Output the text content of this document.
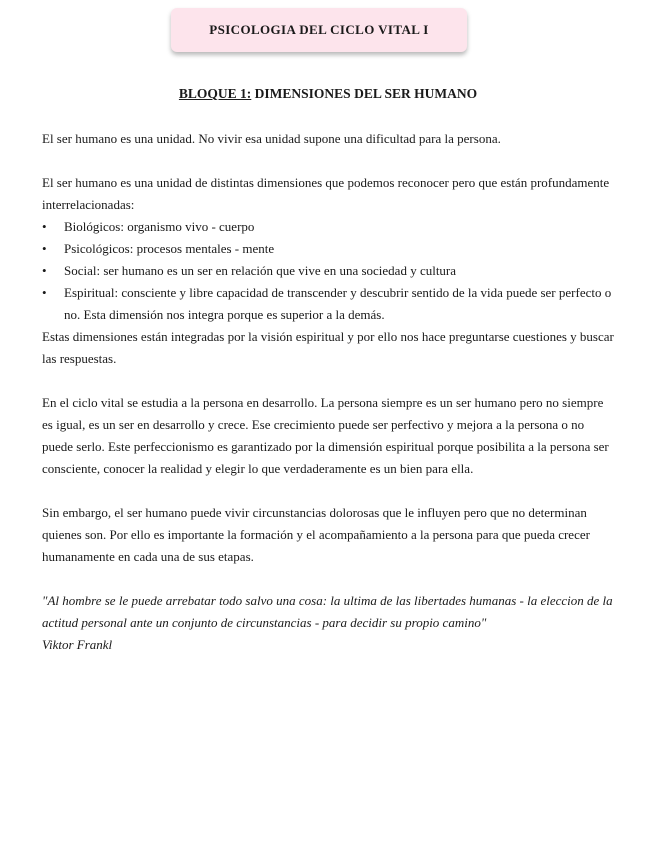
PSICOLOGIA DEL CICLO VITAL I
BLOQUE 1: DIMENSIONES DEL SER HUMANO

El ser humano es una unidad. No vivir esa unidad supone una dificultad para la persona.

El ser humano es una unidad de distintas dimensiones que podemos reconocer pero que están profundamente interrelacionadas:

• Biológicos: organismo vivo - cuerpo
• Psicológicos: procesos mentales - mente
• Social: ser humano es un ser en relación que vive en una sociedad y cultura
• Espiritual: consciente y libre capacidad de transcender y descubrir sentido de la vida puede ser perfecto o no. Esta dimensión nos integra porque es superior a la demás.

Estas dimensiones están integradas por la visión espiritual y por ello nos hace preguntarse cuestiones y buscar las respuestas.

En el ciclo vital se estudia a la persona en desarrollo. La persona siempre es un ser humano pero no siempre es igual, es un ser en desarrollo y crece. Ese crecimiento puede ser perfectivo y mejora a la persona o no puede serlo. Este perfeccionismo es garantizado por la dimensión espiritual porque posibilita a la persona ser consciente, conocer la realidad y elegir lo que verdaderamente es un bien para ella.

Sin embargo, el ser humano puede vivir circunstancias dolorosas que le influyen pero que no determinan quienes son. Por ello es importante la formación y el acompañamiento a la persona para que pueda crecer humanamente en cada una de sus etapas.

"Al hombre se le puede arrebatar todo salvo una cosa: la ultima de las libertades humanas - la eleccion de la actitud personal ante un conjunto de circunstancias - para decidir su propio camino"

Viktor Frankl
